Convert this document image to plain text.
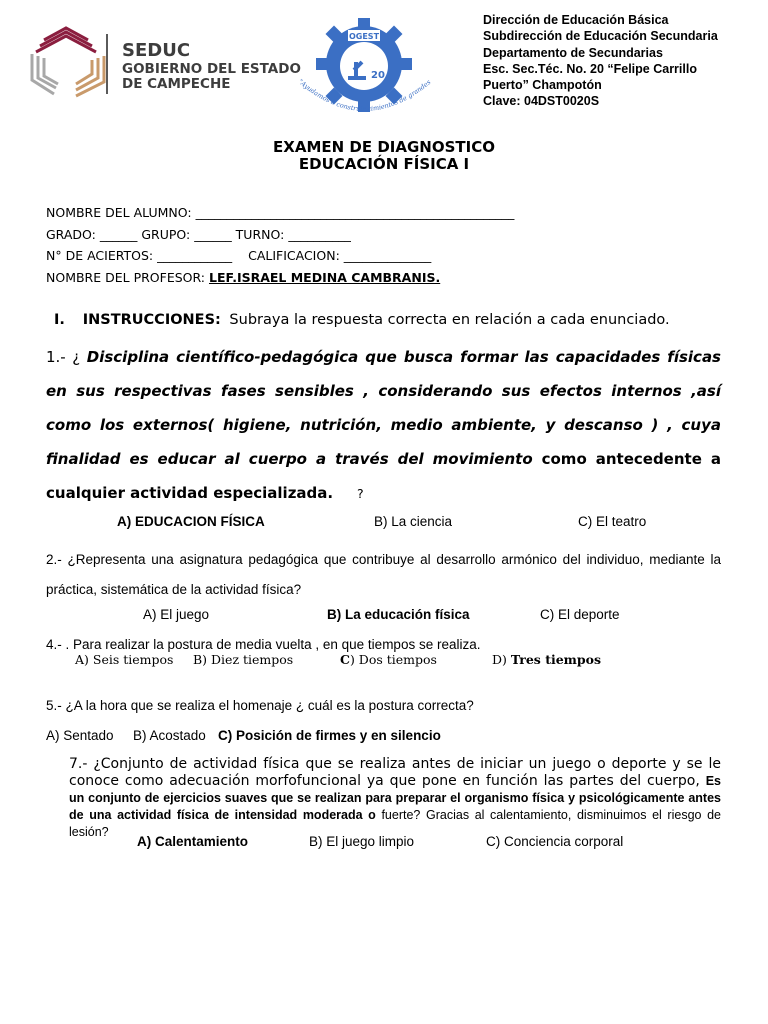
SEDUC
GOBIERNO DEL ESTADO
DE CAMPECHE
OGEST
20
"Ayudamos a construir cimientos de grandes
Dirección de Educación Básica
Subdirección de Educación Secundaria
Departamento de Secundarias
Esc. Sec.Téc. No. 20 “Felipe Carrillo
Puerto” Champotón
Clave: 04DST0020S
EXAMEN DE DIAGNOSTICO
EDUCACIÓN FÍSICA I
NOMBRE DEL ALUMNO: ___________________________________________________
GRADO: ______ GRUPO: ______ TURNO: __________
N° DE ACIERTOS: ____________ CALIFICACION: ______________
NOMBRE DEL PROFESOR: LEF.ISRAEL MEDINA CAMBRANIS.
I. INSTRUCCIONES: Subraya la respuesta correcta en relación a cada enunciado.
1.- ¿ Disciplina científico-pedagógica que busca formar las capacidades físicas en sus respectivas fases sensibles , considerando sus efectos internos ,así como los externos( higiene, nutrición, medio ambiente, y descanso ) , cuya finalidad es educar al cuerpo a través del movimiento como antecedente a cualquier actividad especializada.      ?
A) EDUCACION FÍSICA	B) La ciencia	C) El teatro
2.- ¿Representa una asignatura pedagógica que contribuye al desarrollo armónico del individuo, mediante la práctica, sistemática de la actividad física?
A) El juego	B) La educación física	C) El deporte
4.- . Para realizar la postura de media vuelta , en que tiempos se realiza.
A) Seis tiempos B) Diez tiempos	C) Dos tiempos	D) Tres tiempos
5.- ¿A la hora que se realiza el homenaje ¿ cuál es la postura correcta?
A) Sentado B) Acostado C) Posición de firmes y en silencio
7.- ¿Conjunto de actividad física que se realiza antes de iniciar un juego o deporte y se le conoce como adecuación morfofuncional ya que pone en función las partes del cuerpo, Es un conjunto de ejercicios suaves que se realizan para preparar el organismo física y psicológicamente antes de una actividad física de intensidad moderada o fuerte? Gracias al calentamiento, disminuimos el riesgo de lesión?
A) Calentamiento	B) El juego limpio	C) Conciencia corporal
